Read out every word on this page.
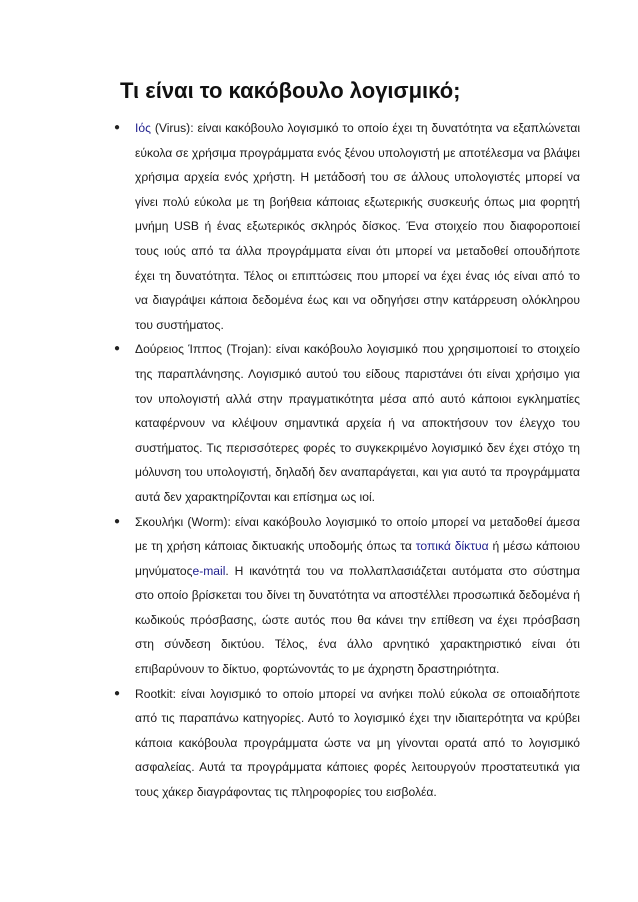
Τι είναι το κακόβουλο λογισμικό;
● Ιός (Virus): είναι κακόβουλο λογισμικό το οποίο έχει τη δυνατότητα να εξαπλώνεται εύκολα σε χρήσιμα προγράμματα ενός ξένου υπολογιστή με αποτέλεσμα να βλάψει χρήσιμα αρχεία ενός χρήστη. Η μετάδοσή του σε άλλους υπολογιστές μπορεί να γίνει πολύ εύκολα με τη βοήθεια κάποιας εξωτερικής συσκευής όπως μια φορητή μνήμη USB ή ένας εξωτερικός σκληρός δίσκος. Ένα στοιχείο που διαφοροποιεί τους ιούς από τα άλλα προγράμματα είναι ότι μπορεί να μεταδοθεί οπουδήποτε έχει τη δυνατότητα. Τέλος οι επιπτώσεις που μπορεί να έχει ένας ιός είναι από το να διαγράψει κάποια δεδομένα έως και να οδηγήσει στην κατάρρευση ολόκληρου του συστήματος.

● Δούρειος Ίππος (Trojan): είναι κακόβουλο λογισμικό που χρησιμοποιεί το στοιχείο της παραπλάνησης. Λογισμικό αυτού του είδους παριστάνει ότι είναι χρήσιμο για τον υπολογιστή αλλά στην πραγματικότητα μέσα από αυτό κάποιοι εγκληματίες καταφέρνουν να κλέψουν σημαντικά αρχεία ή να αποκτήσουν τον έλεγχο του συστήματος. Τις περισσότερες φορές το συγκεκριμένο λογισμικό δεν έχει στόχο τη μόλυνση του υπολογιστή, δηλαδή δεν αναπαράγεται, και για αυτό τα προγράμματα αυτά δεν χαρακτηρίζονται και επίσημα ως ιοί.

● Σκουλήκι (Worm): είναι κακόβουλο λογισμικό το οποίο μπορεί να μεταδοθεί άμεσα με τη χρήση κάποιας δικτυακής υποδομής όπως τα τοπικά δίκτυα ή μέσω κάποιου μηνύματοςe-mail. Η ικανότητά του να πολλαπλασιάζεται αυτόματα στο σύστημα στο οποίο βρίσκεται του δίνει τη δυνατότητα να αποστέλλει προσωπικά δεδομένα ή κωδικούς πρόσβασης, ώστε αυτός που θα κάνει την επίθεση να έχει πρόσβαση στη σύνδεση δικτύου. Τέλος, ένα άλλο αρνητικό χαρακτηριστικό είναι ότι επιβαρύνουν το δίκτυο, φορτώνοντάς το με άχρηστη δραστηριότητα.

● Rootkit: είναι λογισμικό το οποίο μπορεί να ανήκει πολύ εύκολα σε οποιαδήποτε από τις παραπάνω κατηγορίες. Αυτό το λογισμικό έχει την ιδιαιτερότητα να κρύβει κάποια κακόβουλα προγράμματα ώστε να μη γίνονται ορατά από το λογισμικό ασφαλείας. Αυτά τα προγράμματα κάποιες φορές λειτουργούν προστατευτικά για τους χάκερ διαγράφοντας τις πληροφορίες του εισβολέα.
